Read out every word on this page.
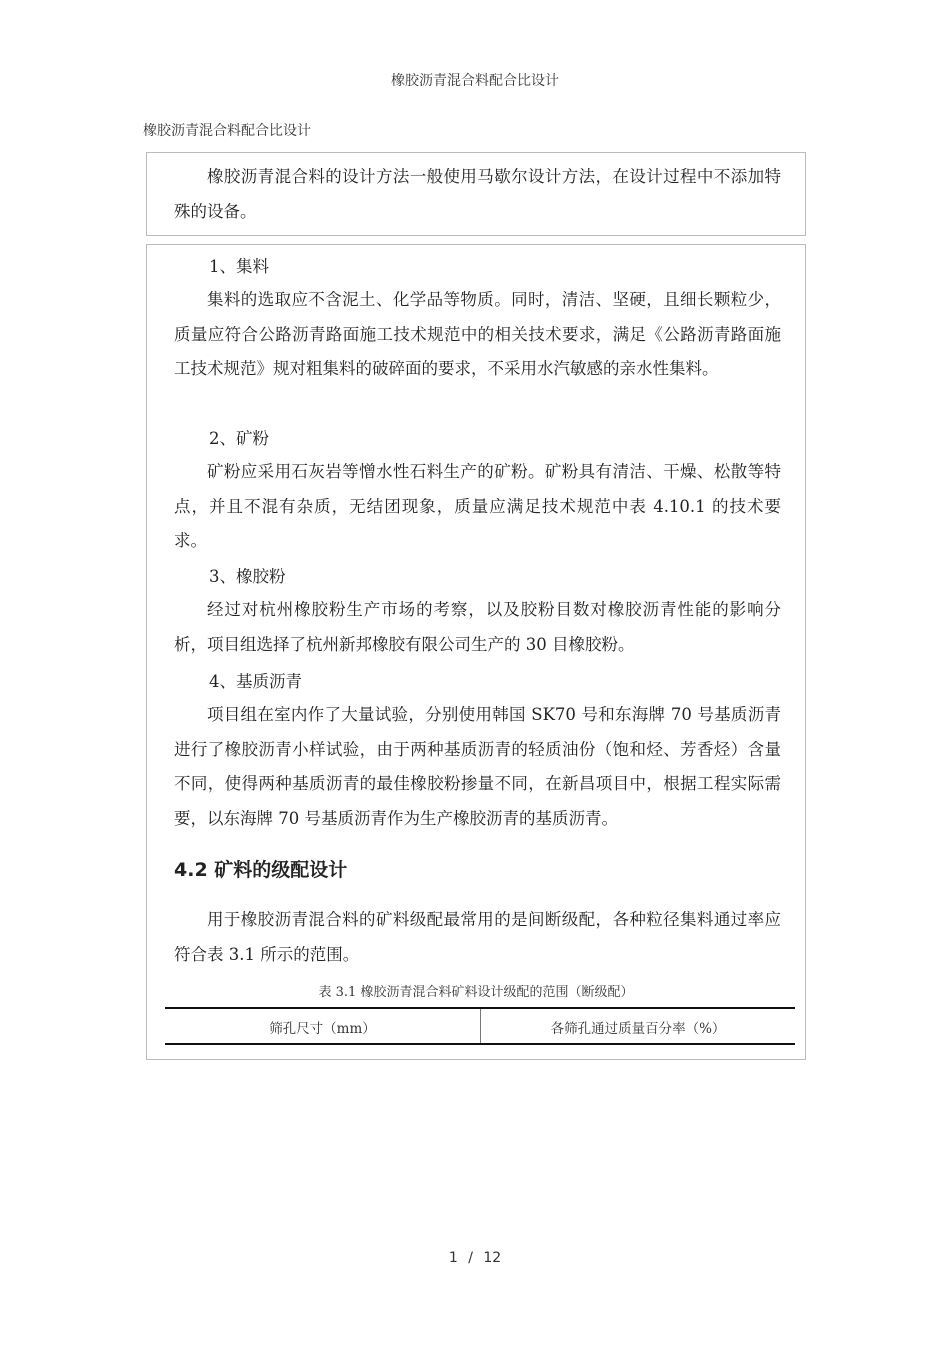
橡胶沥青混合料配合比设计
橡胶沥青混合料配合比设计
橡胶沥青混合料的设计方法一般使用马歇尔设计方法，在设计过程中不添加特殊的设备。
1、集料
集料的选取应不含泥土、化学品等物质。同时，清洁、坚硬，且细长颗粒少，质量应符合公路沥青路面施工技术规范中的相关技术要求，满足《公路沥青路面施工技术规范》规对粗集料的破碎面的要求，不采用水汽敏感的亲水性集料。
2、矿粉
矿粉应采用石灰岩等憎水性石料生产的矿粉。矿粉具有清洁、干燥、松散等特点，并且不混有杂质，无结团现象，质量应满足技术规范中表 4.10.1 的技术要求。
3、橡胶粉
经过对杭州橡胶粉生产市场的考察，以及胶粉目数对橡胶沥青性能的影响分析，项目组选择了杭州新邦橡胶有限公司生产的 30 目橡胶粉。
4、基质沥青
项目组在室内作了大量试验，分别使用韩国 SK70 号和东海牌 70 号基质沥青进行了橡胶沥青小样试验，由于两种基质沥青的轻质油份（饱和烃、芳香烃）含量不同，使得两种基质沥青的最佳橡胶粉掺量不同，在新昌项目中，根据工程实际需要，以东海牌 70 号基质沥青作为生产橡胶沥青的基质沥青。
4.2 矿料的级配设计
用于橡胶沥青混合料的矿料级配最常用的是间断级配，各种粒径集料通过率应符合表 3.1 所示的范围。
表 3.1 橡胶沥青混合料矿料设计级配的范围（断级配）
筛孔尺寸（mm）	各筛孔通过质量百分率（%）
1 / 12
